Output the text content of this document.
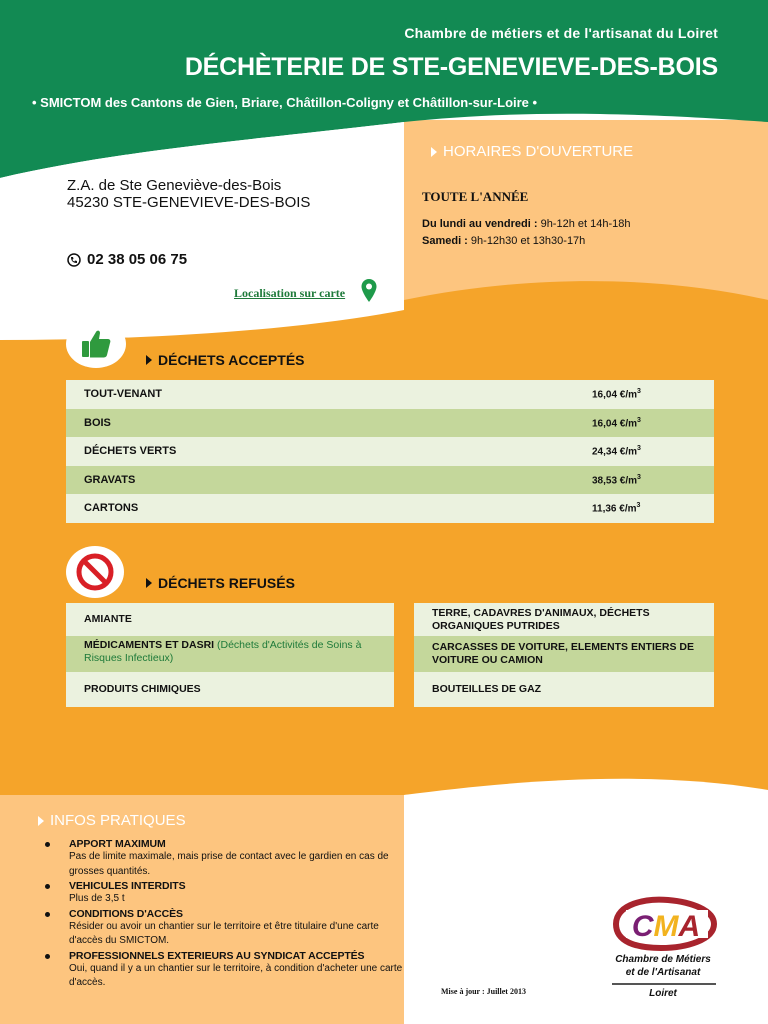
Chambre de métiers et de l'artisanat du Loiret
DÉCHÈTERIE DE STE-GENEVIEVE-DES-BOIS
• SMICTOM des Cantons de Gien, Briare, Châtillon-Coligny et Châtillon-sur-Loire •
Z.A. de Ste Geneviève-des-Bois
45230 STE-GENEVIEVE-DES-BOIS
02 38 05 06 75
Localisation sur carte
HORAIRES D'OUVERTURE
TOUTE L'ANNÉE
Du lundi au vendredi : 9h-12h et 14h-18h
Samedi : 9h-12h30 et 13h30-17h
DÉCHETS ACCEPTÉS
TOUT-VENANT	16,04 $€/m^3$
BOIS	16,04 $€/m^3$
DÉCHETS VERTS	24,34 $€/m^3$
GRAVATS	38,53 $€/m^3$
CARTONS	11,36 $€/m^3$
DÉCHETS REFUSÉS
AMIANTE
MÉDICAMENTS ET DASRI (Déchets d'Activités de Soins à Risques Infectieux)
PRODUITS CHIMIQUES
TERRE, CADAVRES D'ANIMAUX, DÉCHETS ORGANIQUES PUTRIDES
CARCASSES DE VOITURE, ELEMENTS ENTIERS DE VOITURE OU CAMION
BOUTEILLES DE GAZ
INFOS PRATIQUES
APPORT MAXIMUM
Pas de limite maximale, mais prise de contact avec le gardien en cas de grosses quantités.
VEHICULES INTERDITS
Plus de 3,5 t
CONDITIONS D'ACCÈS
Résider ou avoir un chantier sur le territoire et être titulaire d'une carte d'accès du SMICTOM.
PROFESSIONNELS EXTERIEURS AU SYNDICAT ACCEPTÉS
Oui, quand il y a un chantier sur le territoire, à condition d'acheter une carte d'accès.
Mise à jour : Juillet 2013
CMA
Chambre de Métiers
et de l'Artisanat
Loiret
